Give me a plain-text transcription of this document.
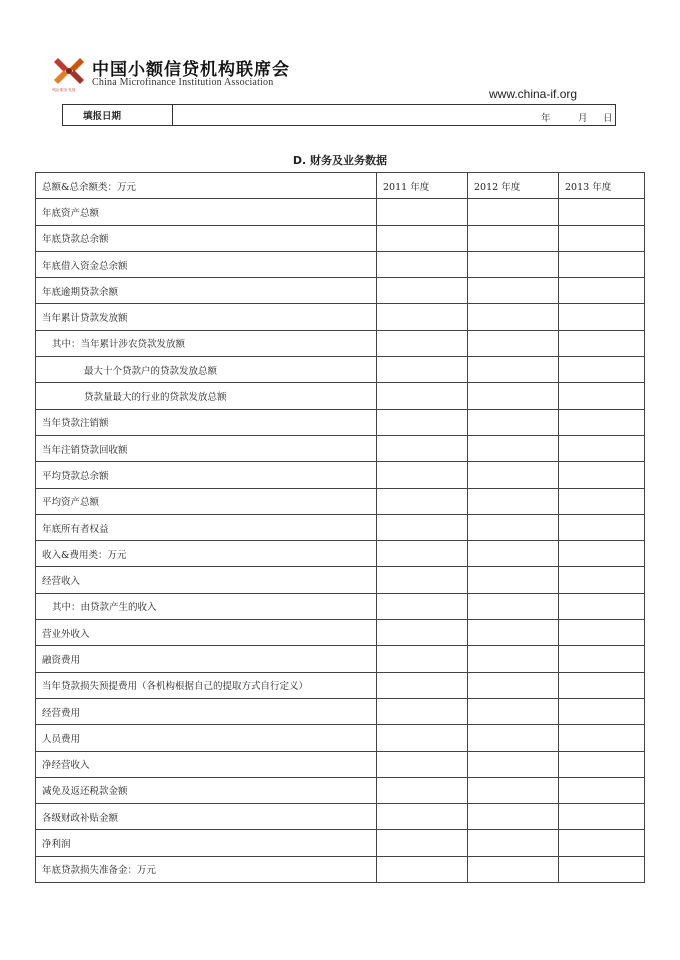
中国小额信贷机构联席会
China Microfinance Institution Association
风险·服务·发展	www.china-if.org
填报日期	年	月 日
D. 财务及业务数据
总额&总余额类：万元	2011 年度	2012 年度	2013 年度
年底资产总额			
年底贷款总余额			
年底借入资金总余额			
年底逾期贷款余额			
当年累计贷款发放额			
其中：当年累计涉农贷款发放额			
最大十个贷款户的贷款发放总额			
贷款量最大的行业的贷款发放总额			
当年贷款注销额			
当年注销贷款回收额			
平均贷款总余额			
平均资产总额			
年底所有者权益			
收入&费用类：万元			
经营收入			
其中：由贷款产生的收入			
营业外收入			
融资费用			
当年贷款损失预提费用（各机构根据自己的提取方式自行定义）			
经营费用			
人员费用			
净经营收入			
减免及返还税款金额			
各级财政补贴金额			
净利润			
年底贷款损失准备金：万元			
